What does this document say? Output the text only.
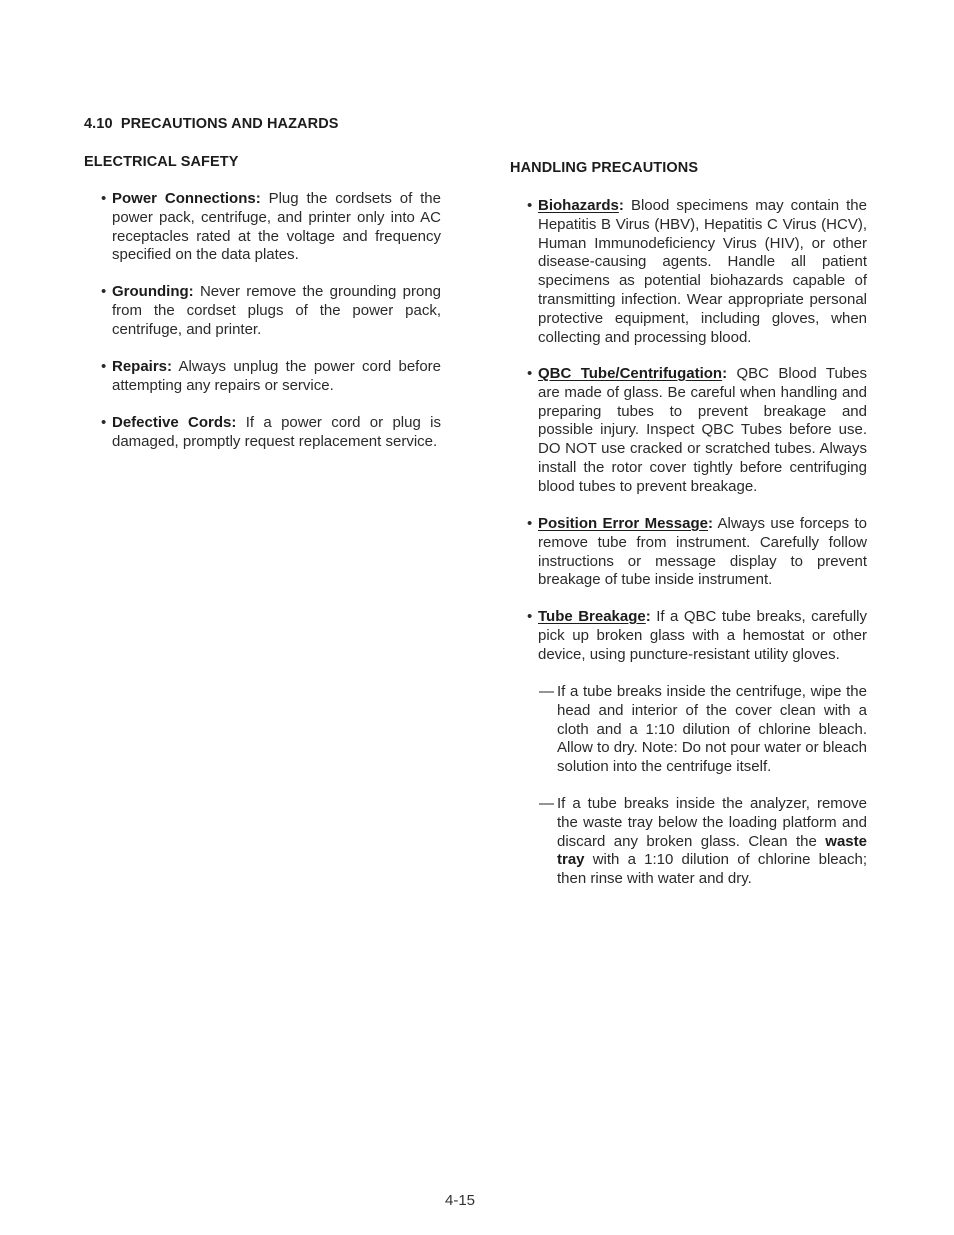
4.10 PRECAUTIONS AND HAZARDS
ELECTRICAL SAFETY
• Power Connections: Plug the cordsets of the power pack, centrifuge, and printer only into AC receptacles rated at the voltage and frequency specified on the data plates.
• Grounding: Never remove the grounding prong from the cordset plugs of the power pack, centrifuge, and printer.
• Repairs: Always unplug the power cord before attempting any repairs or service.
• Defective Cords: If a power cord or plug is damaged, promptly request replacement service.
HANDLING PRECAUTIONS
• Biohazards: Blood specimens may contain the Hepatitis B Virus (HBV), Hepatitis C Virus (HCV), Human Immunodeficiency Virus (HIV), or other disease-causing agents. Handle all patient specimens as potential biohazards capable of transmitting infection. Wear appropriate personal protective equipment, including gloves, when collecting and processing blood.
• QBC Tube/Centrifugation: QBC Blood Tubes are made of glass. Be careful when handling and preparing tubes to prevent breakage and possible injury. Inspect QBC Tubes before use. DO NOT use cracked or scratched tubes. Always install the rotor cover tightly before centrifuging blood tubes to prevent breakage.
• Position Error Message: Always use forceps to remove tube from instrument. Carefully follow instructions or message display to prevent breakage of tube inside instrument.
• Tube Breakage: If a QBC tube breaks, carefully pick up broken glass with a hemostat or other device, using puncture-resistant utility gloves.
— If a tube breaks inside the centrifuge, wipe the head and interior of the cover clean with a cloth and a 1:10 dilution of chlorine bleach. Allow to dry. Note: Do not pour water or bleach solution into the centrifuge itself.
— If a tube breaks inside the analyzer, remove the waste tray below the loading platform and discard any broken glass. Clean the waste tray with a 1:10 dilution of chlorine bleach; then rinse with water and dry.
4-15
